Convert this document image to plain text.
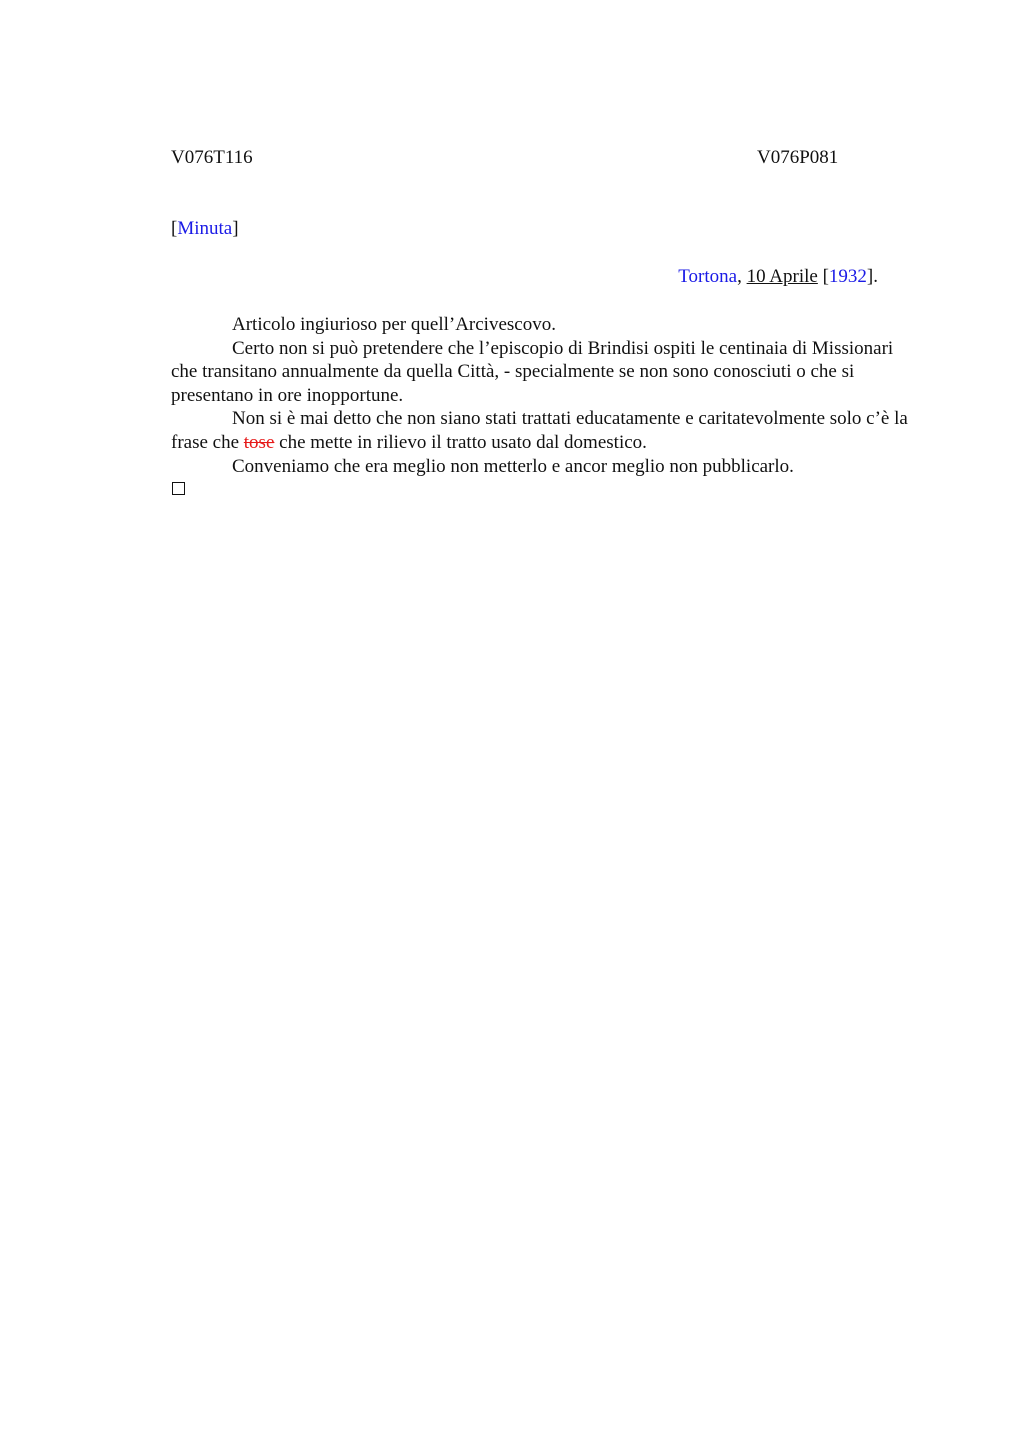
V076T116	V076P081
[Minuta]
Tortona, 10 Aprile [1932].

Articolo ingiurioso per quell’Arcivescovo.

Certo non si può pretendere che l’episcopio di Brindisi ospiti le centinaia di Missionari che transitano annualmente da quella Città, - specialmente se non sono conosciuti o che si presentano in ore inopportune.

Non si è mai detto che non siano stati trattati educatamente e caritatevolmente solo c’è la frase che tose che mette in rilievo il tratto usato dal domestico.

Conveniamo che era meglio non metterlo e ancor meglio non pubblicarlo.
